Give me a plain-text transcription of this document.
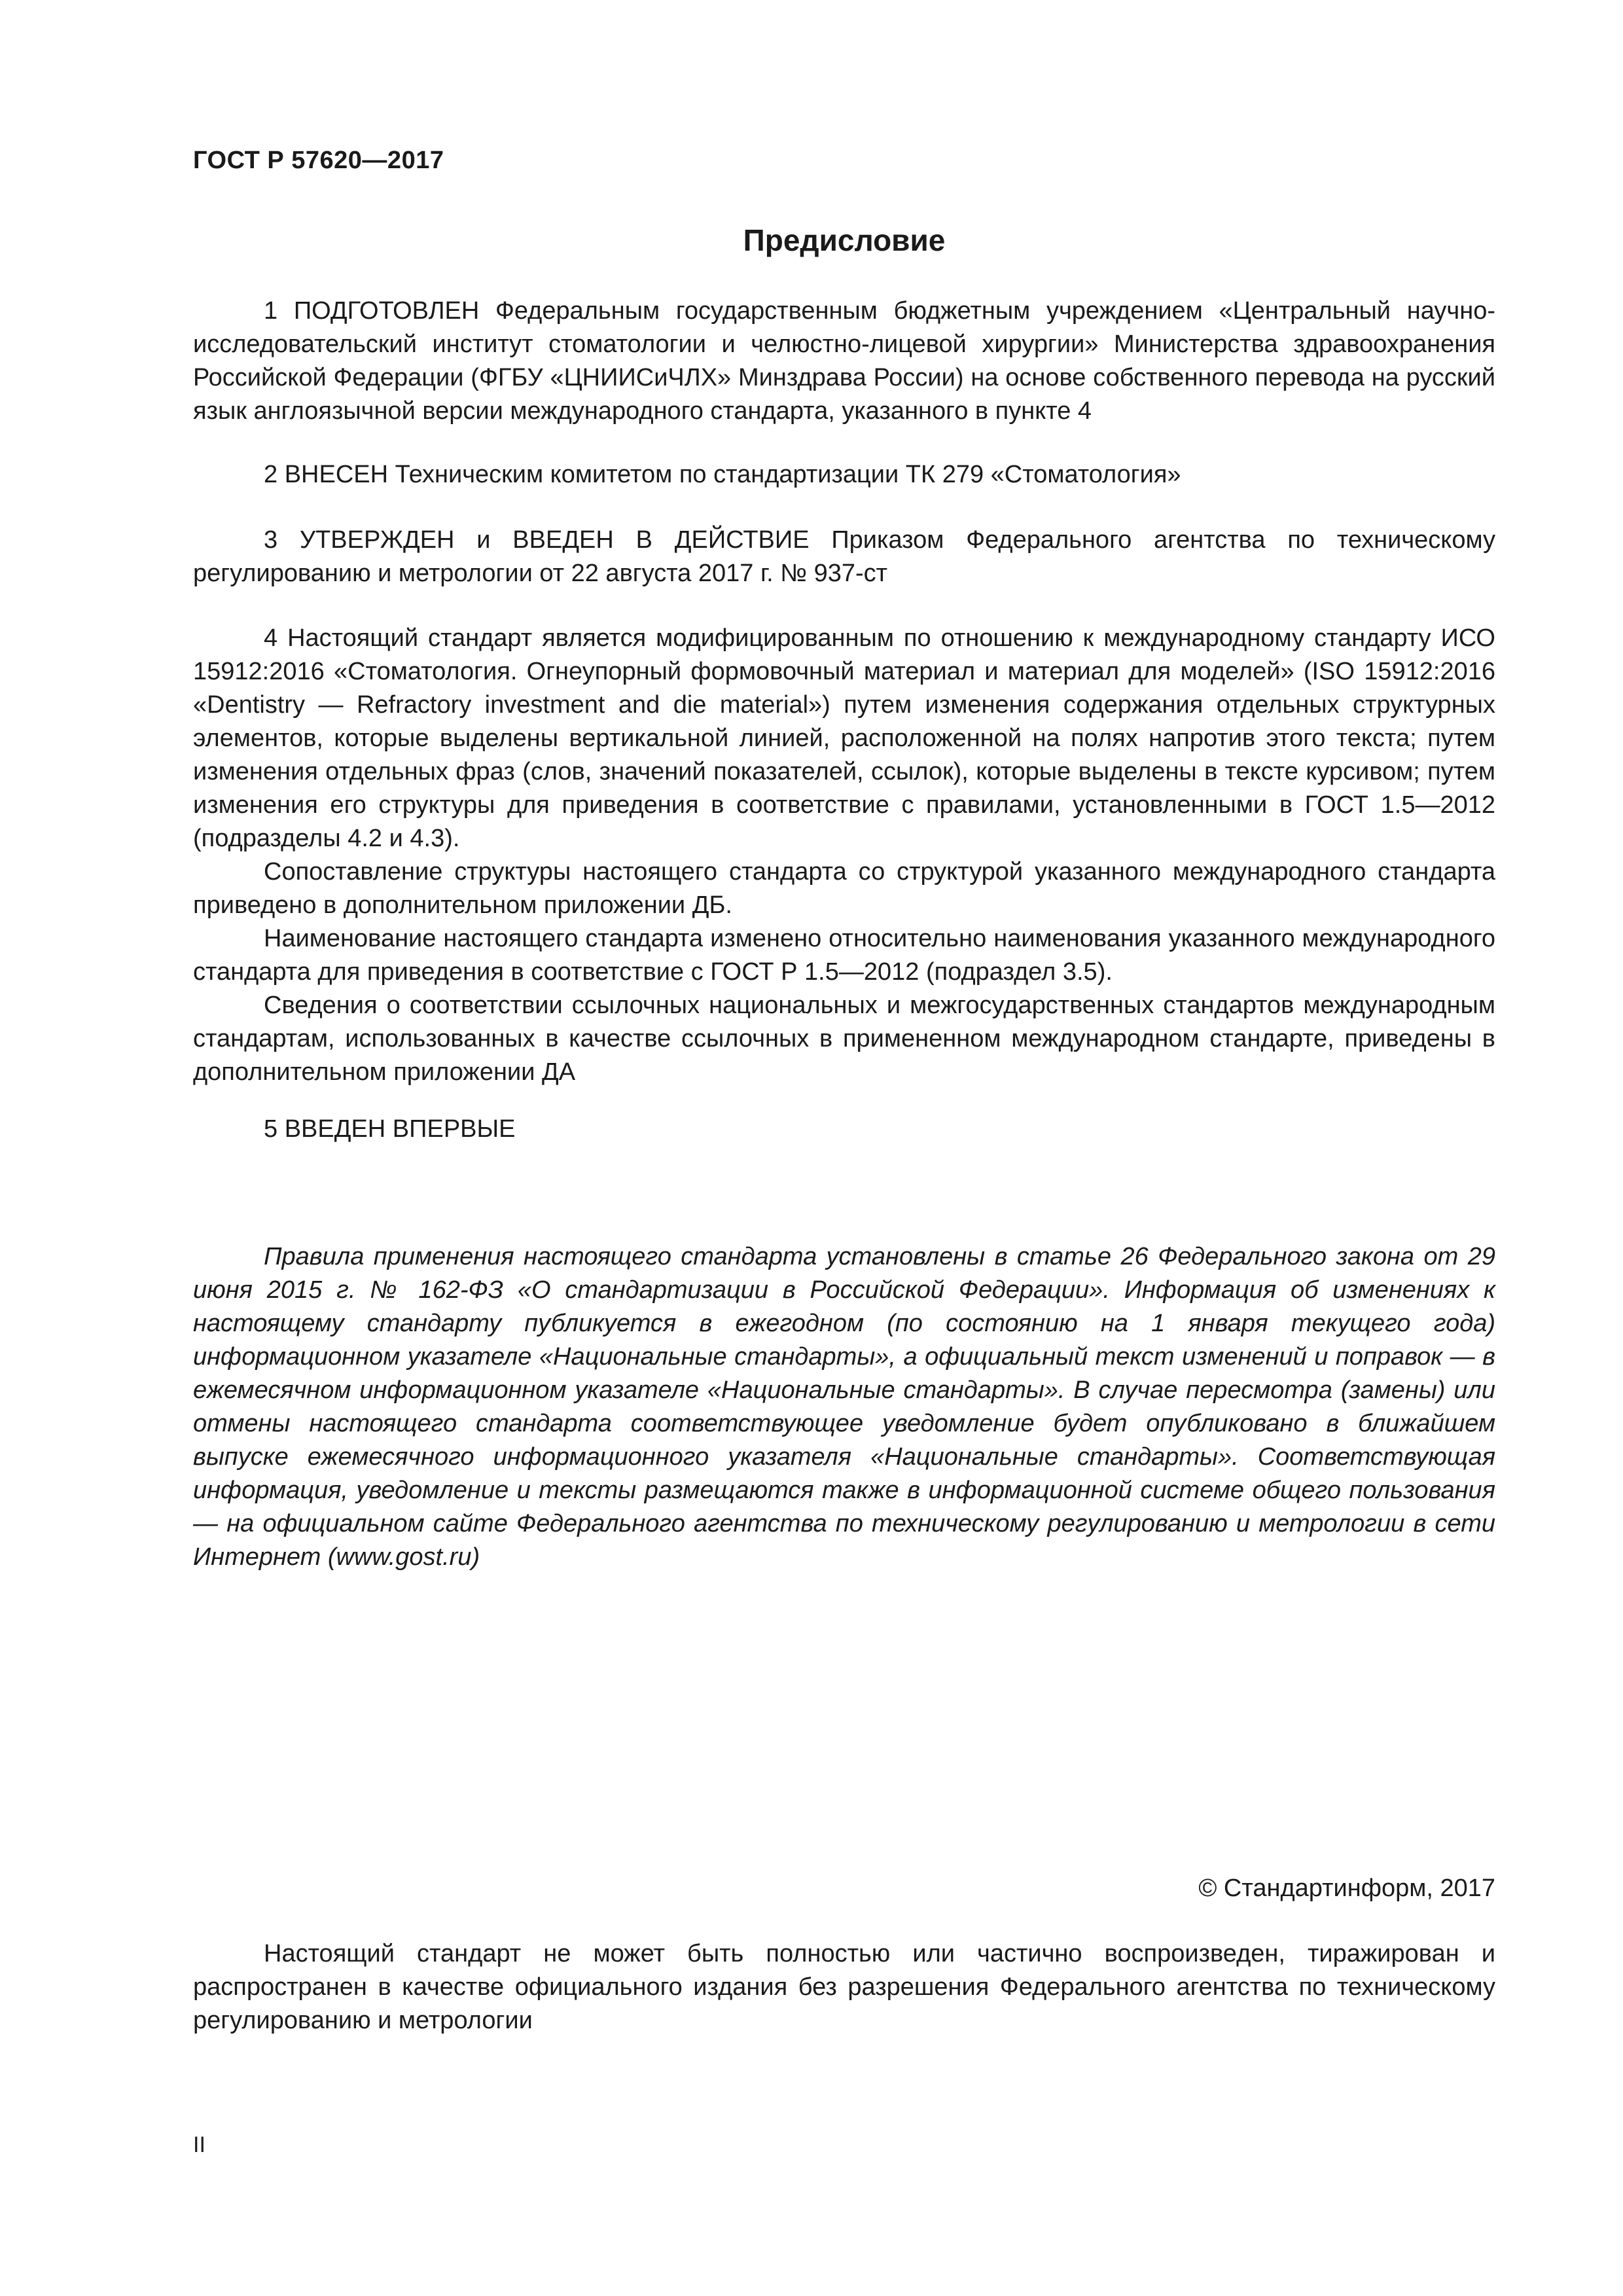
ГОСТ Р 57620—2017
Предисловие

1 ПОДГОТОВЛЕН Федеральным государственным бюджетным учреждением «Центральный научно-исследовательский институт стоматологии и челюстно-лицевой хирургии» Министерства здравоохранения Российской Федерации (ФГБУ «ЦНИИСиЧЛХ» Минздрава России) на основе собственного перевода на русский язык англоязычной версии международного стандарта, указанного в пункте 4

2 ВНЕСЕН Техническим комитетом по стандартизации ТК 279 «Стоматология»

3 УТВЕРЖДЕН и ВВЕДЕН В ДЕЙСТВИЕ Приказом Федерального агентства по техническому регулированию и метрологии от 22 августа 2017 г. № 937-ст

4 Настоящий стандарт является модифицированным по отношению к международному стандарту ИСО 15912:2016 «Стоматология. Огнеупорный формовочный материал и материал для моделей» (ISO 15912:2016 «Dentistry — Refractory investment and die material») путем изменения содержания отдельных структурных элементов, которые выделены вертикальной линией, расположенной на полях напротив этого текста; путем изменения отдельных фраз (слов, значений показателей, ссылок), которые выделены в тексте курсивом; путем изменения его структуры для приведения в соответствие с правилами, установленными в ГОСТ 1.5—2012 (подразделы 4.2 и 4.3).

Сопоставление структуры настоящего стандарта со структурой указанного международного стандарта приведено в дополнительном приложении ДБ.

Наименование настоящего стандарта изменено относительно наименования указанного международного стандарта для приведения в соответствие с ГОСТ Р 1.5—2012 (подраздел 3.5).

Сведения о соответствии ссылочных национальных и межгосударственных стандартов международным стандартам, использованных в качестве ссылочных в примененном международном стандарте, приведены в дополнительном приложении ДА

5 ВВЕДЕН ВПЕРВЫЕ

Правила применения настоящего стандарта установлены в статье 26 Федерального закона от 29 июня 2015 г. № 162-ФЗ «О стандартизации в Российской Федерации». Информация об изменениях к настоящему стандарту публикуется в ежегодном (по состоянию на 1 января текущего года) информационном указателе «Национальные стандарты», а официальный текст изменений и поправок — в ежемесячном информационном указателе «Национальные стандарты». В случае пересмотра (замены) или отмены настоящего стандарта соответствующее уведомление будет опубликовано в ближайшем выпуске ежемесячного информационного указателя «Национальные стандарты». Соответствующая информация, уведомление и тексты размещаются также в информационной системе общего пользования — на официальном сайте Федерального агентства по техническому регулированию и метрологии в сети Интернет (www.gost.ru)

© Стандартинформ, 2017

Настоящий стандарт не может быть полностью или частично воспроизведен, тиражирован и распространен в качестве официального издания без разрешения Федерального агентства по техническому регулированию и метрологии

II
